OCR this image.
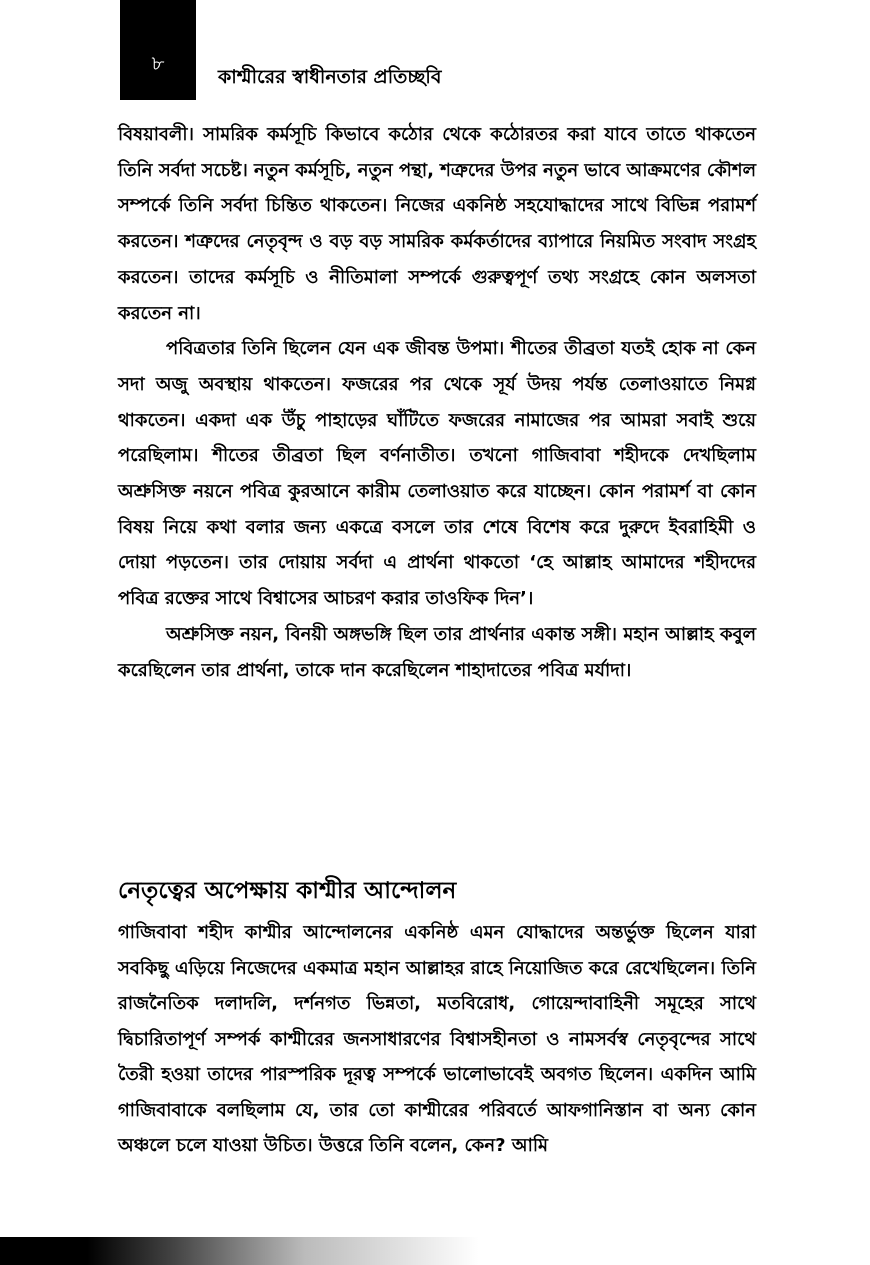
৮
কাশ্মীরের স্বাধীনতার প্রতিচ্ছবি

বিষয়াবলী। সামরিক কর্মসূচি কিভাবে কঠোর থেকে কঠোরতর করা যাবে তাতে থাকতেন তিনি সর্বদা সচেষ্ট। নতুন কর্মসূচি, নতুন পন্থা, শত্রুদের উপর নতুন ভাবে আক্রমণের কৌশল সম্পর্কে তিনি সর্বদা চিন্তিত থাকতেন। নিজের একনিষ্ঠ সহযোদ্ধাদের সাথে বিভিন্ন পরামর্শ করতেন। শত্রুদের নেতৃবৃন্দ ও বড় বড় সামরিক কর্মকর্তাদের ব্যাপারে নিয়মিত সংবাদ সংগ্রহ করতেন। তাদের কর্মসূচি ও নীতিমালা সম্পর্কে গুরুত্বপূর্ণ তথ্য সংগ্রহে কোন অলসতা করতেন না।

পবিত্রতার তিনি ছিলেন যেন এক জীবন্ত উপমা। শীতের তীব্রতা যতই হোক না কেন সদা অজু অবস্থায় থাকতেন। ফজরের পর থেকে সূর্য উদয় পর্যন্ত তেলাওয়াতে নিমগ্ন থাকতেন। একদা এক উঁচু পাহাড়ের ঘাঁটিতে ফজরের নামাজের পর আমরা সবাই শুয়ে পরেছিলাম। শীতের তীব্রতা ছিল বর্ণনাতীত। তখনো গাজিবাবা শহীদকে দেখছিলাম অশ্রুসিক্ত নয়নে পবিত্র কুরআনে কারীম তেলাওয়াত করে যাচ্ছেন। কোন পরামর্শ বা কোন বিষয় নিয়ে কথা বলার জন্য একত্রে বসলে তার শেষে বিশেষ করে দুরুদে ইবরাহিমী ও দোয়া পড়তেন। তার দোয়ায় সর্বদা এ প্রার্থনা থাকতো ‘হে আল্লাহ আমাদের শহীদদের পবিত্র রক্তের সাথে বিশ্বাসের আচরণ করার তাওফিক দিন’।

অশ্রুসিক্ত নয়ন, বিনয়ী অঙ্গভঙ্গি ছিল তার প্রার্থনার একান্ত সঙ্গী। মহান আল্লাহ কবুল করেছিলেন তার প্রার্থনা, তাকে দান করেছিলেন শাহাদাতের পবিত্র মর্যাদা।

নেতৃত্বের অপেক্ষায় কাশ্মীর আন্দোলন

গাজিবাবা শহীদ কাশ্মীর আন্দোলনের একনিষ্ঠ এমন যোদ্ধাদের অন্তর্ভুক্ত ছিলেন যারা সবকিছু এড়িয়ে নিজেদের একমাত্র মহান আল্লাহর রাহে নিয়োজিত করে রেখেছিলেন। তিনি রাজনৈতিক দলাদলি, দর্শনগত ভিন্নতা, মতবিরোধ, গোয়েন্দাবাহিনী সমূহের সাথে দ্বিচারিতাপূর্ণ সম্পর্ক কাশ্মীরের জনসাধারণের বিশ্বাসহীনতা ও নামসর্বস্ব নেতৃবৃন্দের সাথে তৈরী হওয়া তাদের পারস্পরিক দূরত্ব সম্পর্কে ভালোভাবেই অবগত ছিলেন। একদিন আমি গাজিবাবাকে বলছিলাম যে, তার তো কাশ্মীরের পরিবর্তে আফগানিস্তান বা অন্য কোন অঞ্চলে চলে যাওয়া উচিত। উত্তরে তিনি বলেন, কেন? আমি
